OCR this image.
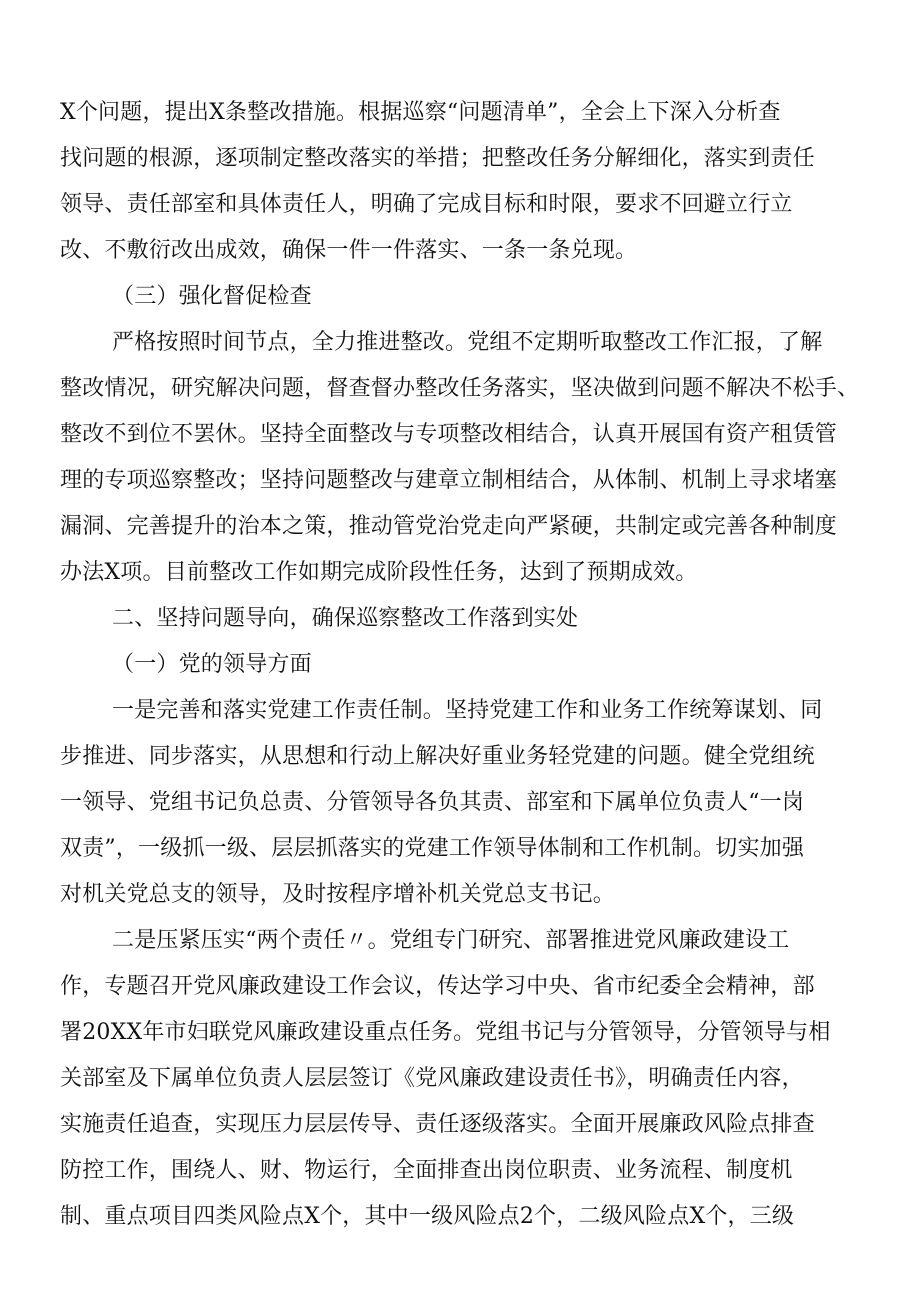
X个问题，提出X条整改措施。根据巡察“问题清单”，全会上下深入分析查
找问题的根源，逐项制定整改落实的举措；把整改任务分解细化，落实到责任
领导、责任部室和具体责任人，明确了完成目标和时限，要求不回避立行立
改、不敷衍改出成效，确保一件一件落实、一条一条兑现。
（三）强化督促检查
严格按照时间节点，全力推进整改。党组不定期听取整改工作汇报，了解
整改情况，研究解决问题，督查督办整改任务落实，坚决做到问题不解决不松手、
整改不到位不罢休。坚持全面整改与专项整改相结合，认真开展国有资产租赁管
理的专项巡察整改；坚持问题整改与建章立制相结合，从体制、机制上寻求堵塞
漏洞、完善提升的治本之策，推动管党治党走向严紧硬，共制定或完善各种制度
办法X项。目前整改工作如期完成阶段性任务，达到了预期成效。
二、坚持问题导向，确保巡察整改工作落到实处
（一）党的领导方面
一是完善和落实党建工作责任制。坚持党建工作和业务工作统筹谋划、同
步推进、同步落实，从思想和行动上解决好重业务轻党建的问题。健全党组统
一领导、党组书记负总责、分管领导各负其责、部室和下属单位负责人“一岗
双责”，一级抓一级、层层抓落实的党建工作领导体制和工作机制。切实加强
对机关党总支的领导，及时按程序增补机关党总支书记。
二是压紧压实“两个责任〃。党组专门研究、部署推进党风廉政建设工
作，专题召开党风廉政建设工作会议，传达学习中央、省市纪委全会精神，部
署20XX年市妇联党风廉政建设重点任务。党组书记与分管领导，分管领导与相
关部室及下属单位负责人层层签订《党风廉政建设责任书》，明确责任内容，
实施责任追查，实现压力层层传导、责任逐级落实。全面开展廉政风险点排查
防控工作，围绕人、财、物运行，全面排查出岗位职责、业务流程、制度机
制、重点项目四类风险点X个，其中一级风险点2个，二级风险点X个，三级
